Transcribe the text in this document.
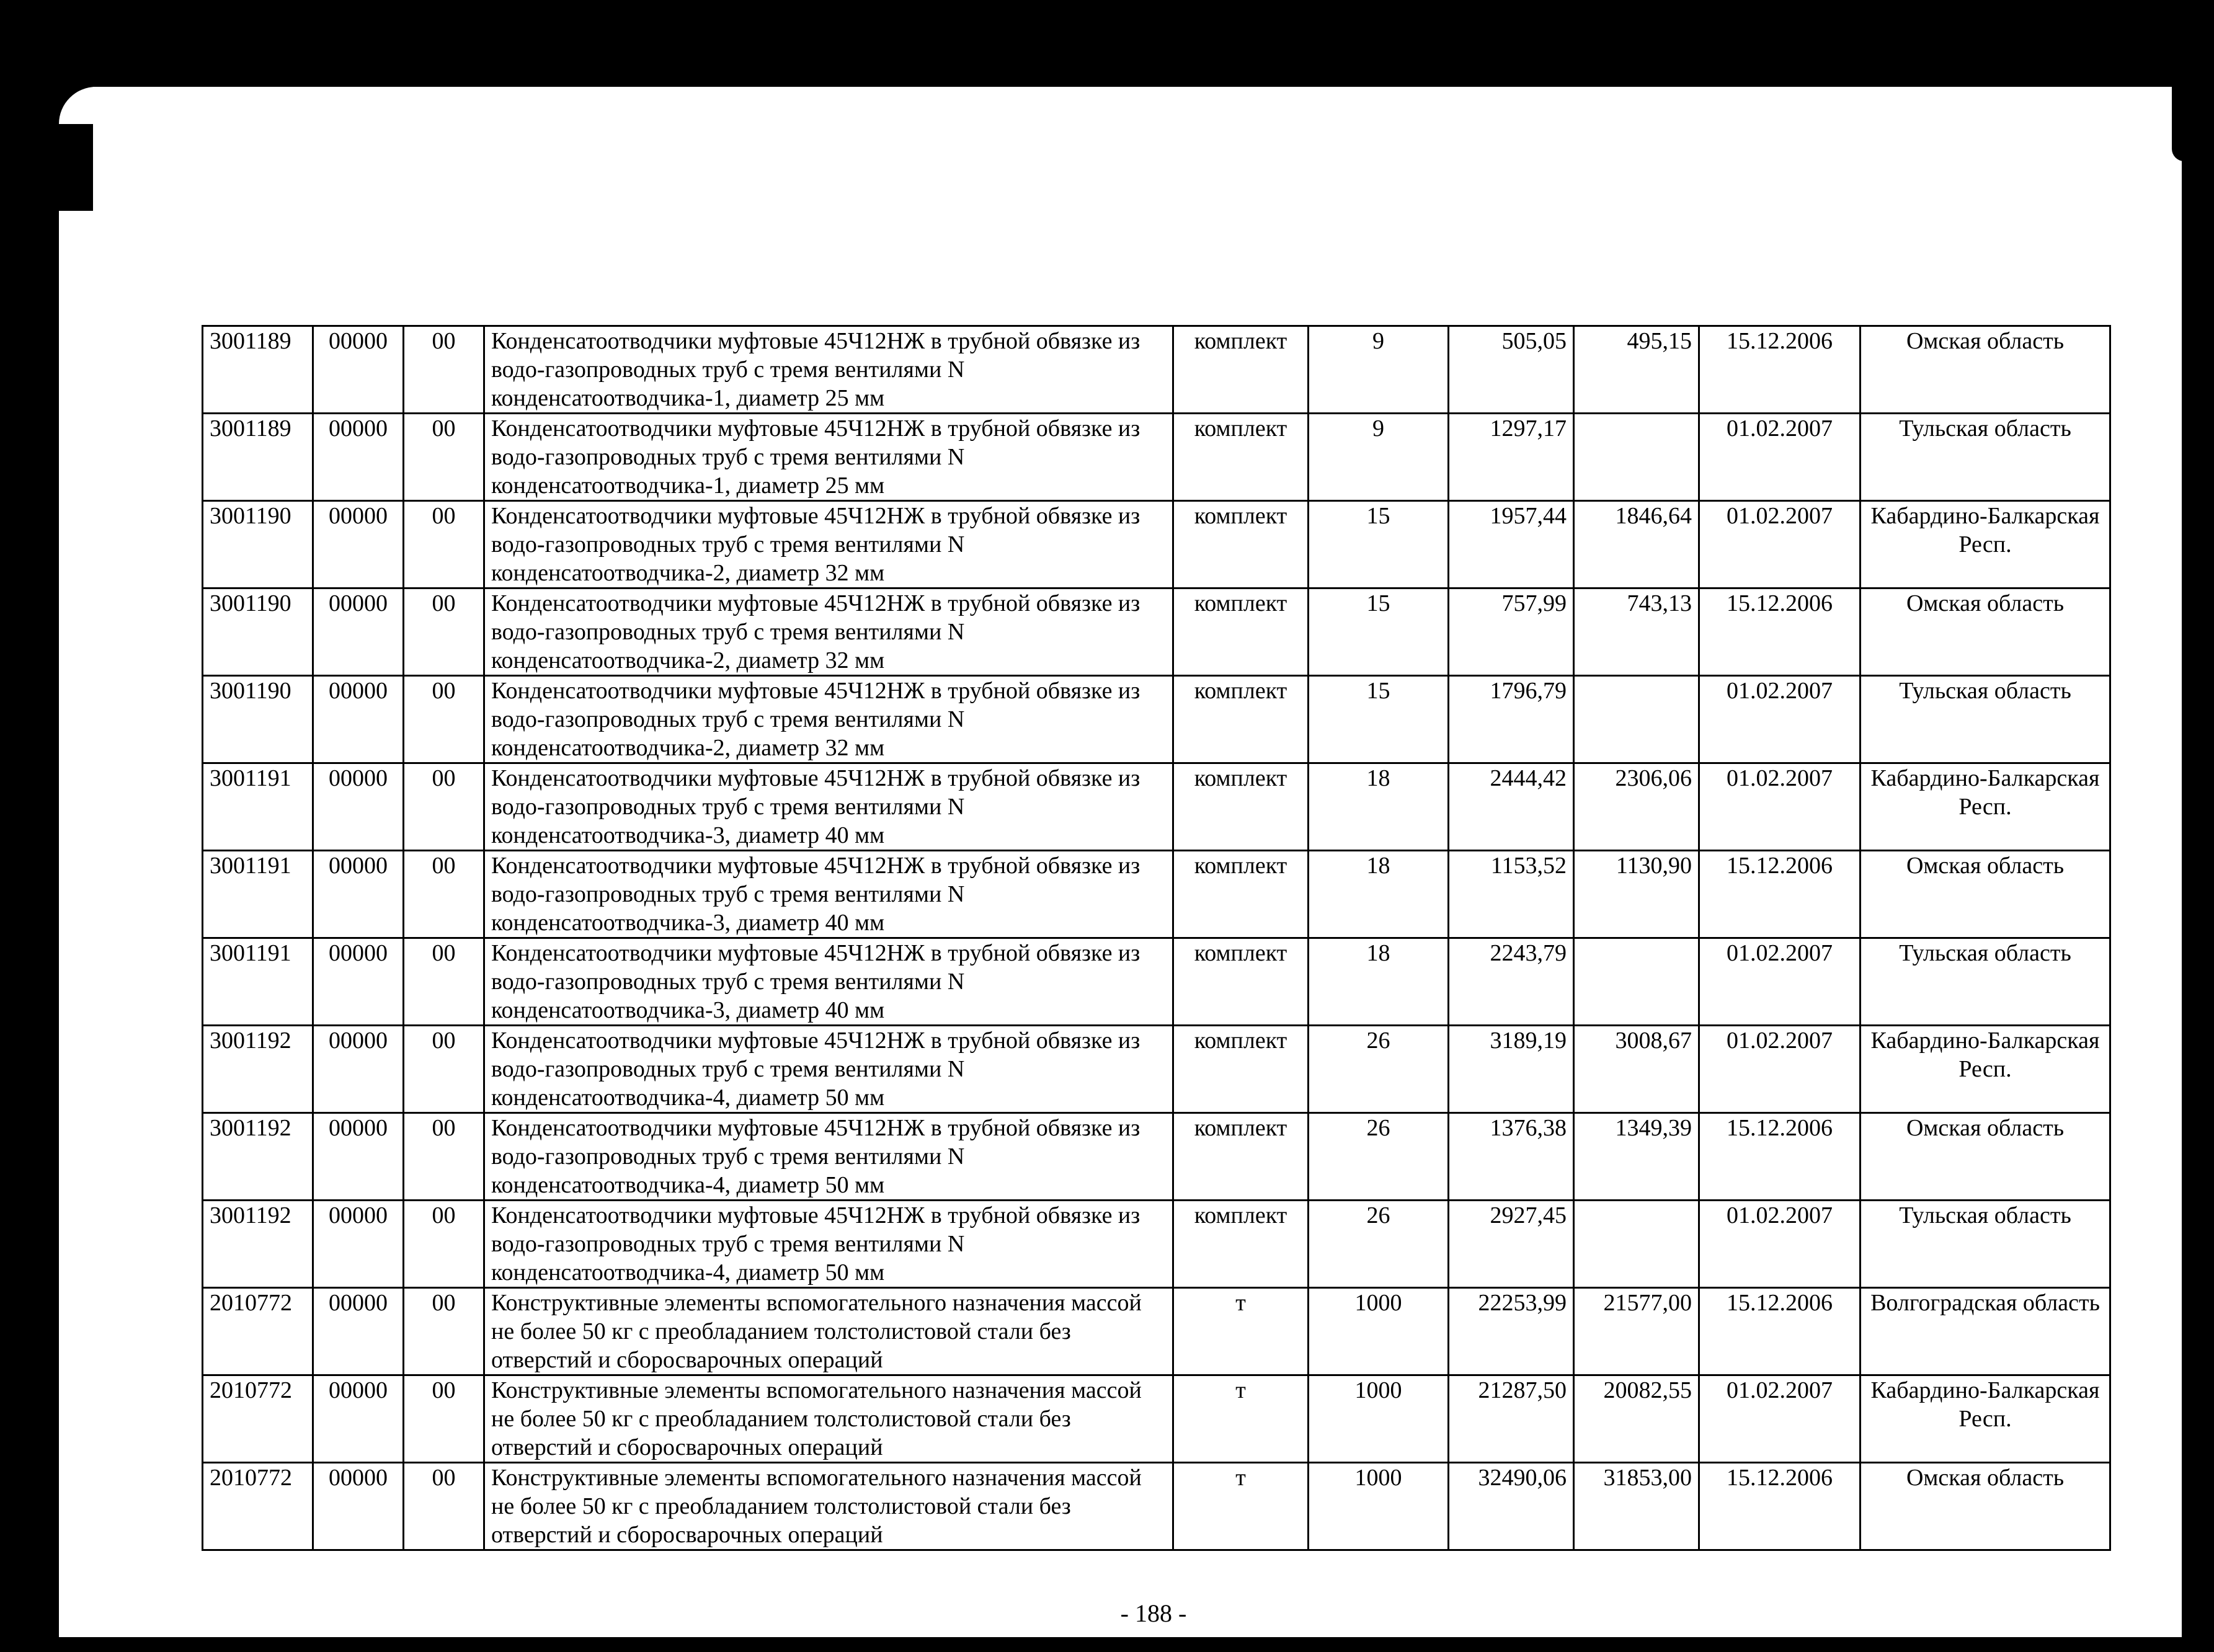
3001189	00000	00	Конденсатоотводчики муфтовые 45Ч12НЖ в трубной обвязке из водо-газопроводных труб с тремя вентилями N конденсатоотводчика-1, диаметр 25 мм	комплект	9	505,05	495,15	15.12.2006	Омская область
3001189	00000	00	Конденсатоотводчики муфтовые 45Ч12НЖ в трубной обвязке из водо-газопроводных труб с тремя вентилями N конденсатоотводчика-1, диаметр 25 мм	комплект	9	1297,17		01.02.2007	Тульская область
3001190	00000	00	Конденсатоотводчики муфтовые 45Ч12НЖ в трубной обвязке из водо-газопроводных труб с тремя вентилями N конденсатоотводчика-2, диаметр 32 мм	комплект	15	1957,44	1846,64	01.02.2007	Кабардино-Балкарская Респ.
3001190	00000	00	Конденсатоотводчики муфтовые 45Ч12НЖ в трубной обвязке из водо-газопроводных труб с тремя вентилями N конденсатоотводчика-2, диаметр 32 мм	комплект	15	757,99	743,13	15.12.2006	Омская область
3001190	00000	00	Конденсатоотводчики муфтовые 45Ч12НЖ в трубной обвязке из водо-газопроводных труб с тремя вентилями N конденсатоотводчика-2, диаметр 32 мм	комплект	15	1796,79		01.02.2007	Тульская область
3001191	00000	00	Конденсатоотводчики муфтовые 45Ч12НЖ в трубной обвязке из водо-газопроводных труб с тремя вентилями N конденсатоотводчика-3, диаметр 40 мм	комплект	18	2444,42	2306,06	01.02.2007	Кабардино-Балкарская Респ.
3001191	00000	00	Конденсатоотводчики муфтовые 45Ч12НЖ в трубной обвязке из водо-газопроводных труб с тремя вентилями N конденсатоотводчика-3, диаметр 40 мм	комплект	18	1153,52	1130,90	15.12.2006	Омская область
3001191	00000	00	Конденсатоотводчики муфтовые 45Ч12НЖ в трубной обвязке из водо-газопроводных труб с тремя вентилями N конденсатоотводчика-3, диаметр 40 мм	комплект	18	2243,79		01.02.2007	Тульская область
3001192	00000	00	Конденсатоотводчики муфтовые 45Ч12НЖ в трубной обвязке из водо-газопроводных труб с тремя вентилями N конденсатоотводчика-4, диаметр 50 мм	комплект	26	3189,19	3008,67	01.02.2007	Кабардино-Балкарская Респ.
3001192	00000	00	Конденсатоотводчики муфтовые 45Ч12НЖ в трубной обвязке из водо-газопроводных труб с тремя вентилями N конденсатоотводчика-4, диаметр 50 мм	комплект	26	1376,38	1349,39	15.12.2006	Омская область
3001192	00000	00	Конденсатоотводчики муфтовые 45Ч12НЖ в трубной обвязке из водо-газопроводных труб с тремя вентилями N конденсатоотводчика-4, диаметр 50 мм	комплект	26	2927,45		01.02.2007	Тульская область
2010772	00000	00	Конструктивные элементы вспомогательного назначения массой не более 50 кг с преобладанием толстолистовой стали без отверстий и сборосварочных операций	т	1000	22253,99	21577,00	15.12.2006	Волгоградская область
2010772	00000	00	Конструктивные элементы вспомогательного назначения массой не более 50 кг с преобладанием толстолистовой стали без отверстий и сборосварочных операций	т	1000	21287,50	20082,55	01.02.2007	Кабардино-Балкарская Респ.
2010772	00000	00	Конструктивные элементы вспомогательного назначения массой не более 50 кг с преобладанием толстолистовой стали без отверстий и сборосварочных операций	т	1000	32490,06	31853,00	15.12.2006	Омская область
- 188 -
